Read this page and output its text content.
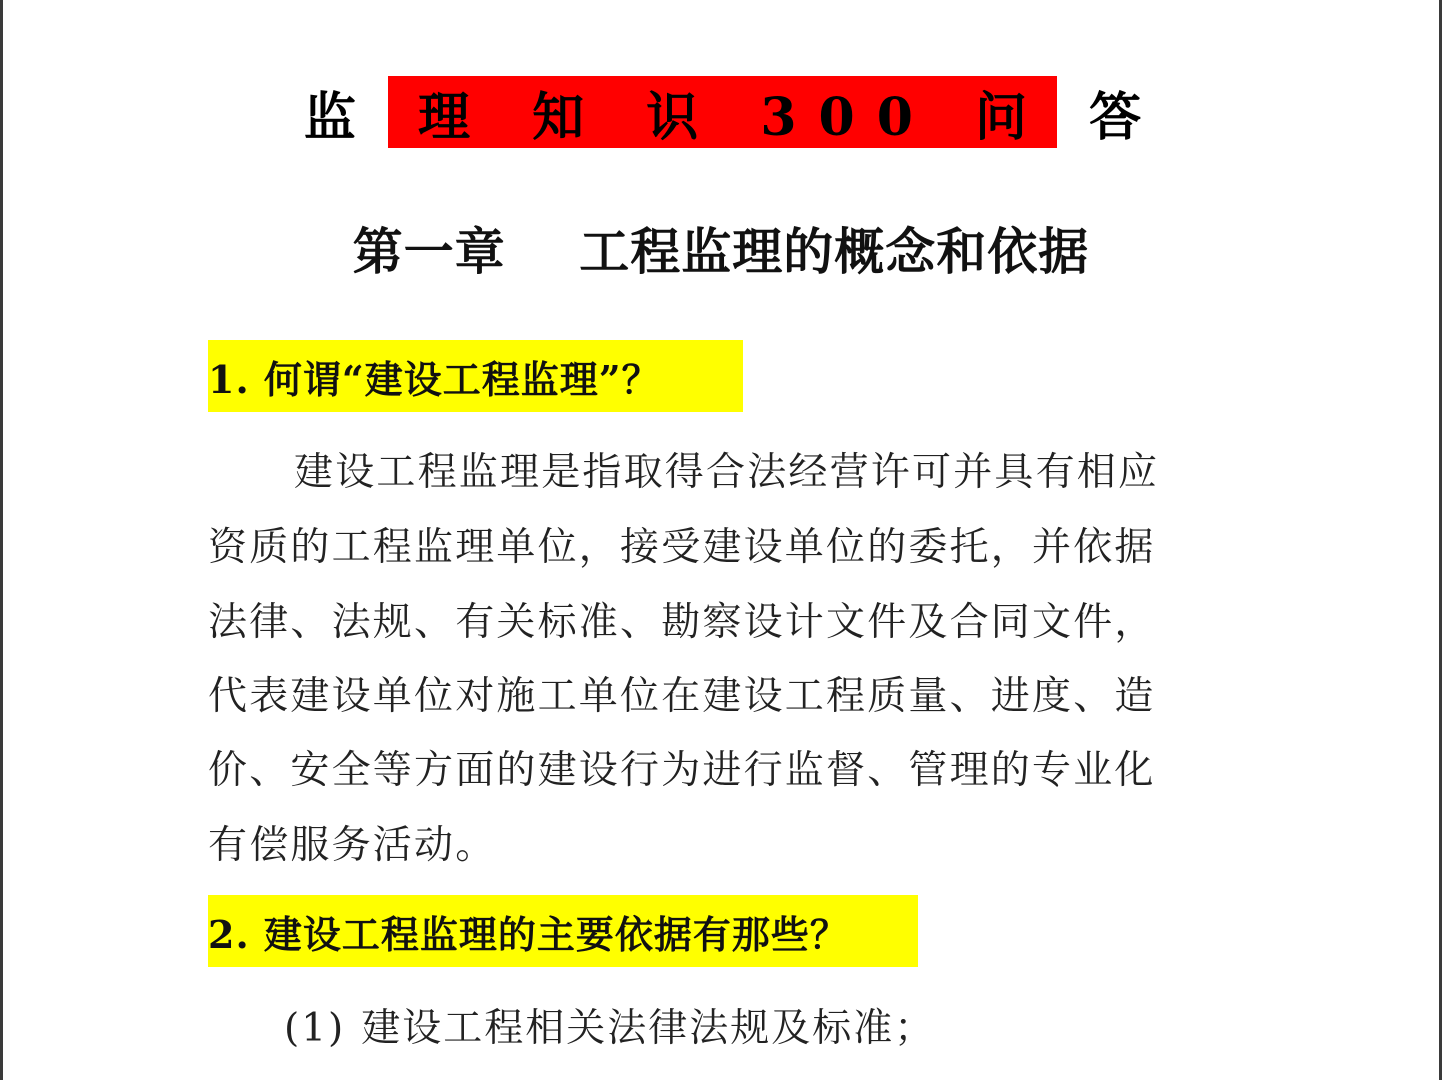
监 理 知 识 300 问 答
第一章    工程监理的概念和依据
1. 何谓“建设工程监理”？
建设工程监理是指取得合法经营许可并具有相应
资质的工程监理单位，接受建设单位的委托，并依据
法律、法规、有关标准、勘察设计文件及合同文件，
代表建设单位对施工单位在建设工程质量、进度、造
价、安全等方面的建设行为进行监督、管理的专业化
有偿服务活动。
2. 建设工程监理的主要依据有那些？
(1) 建设工程相关法律法规及标准；
